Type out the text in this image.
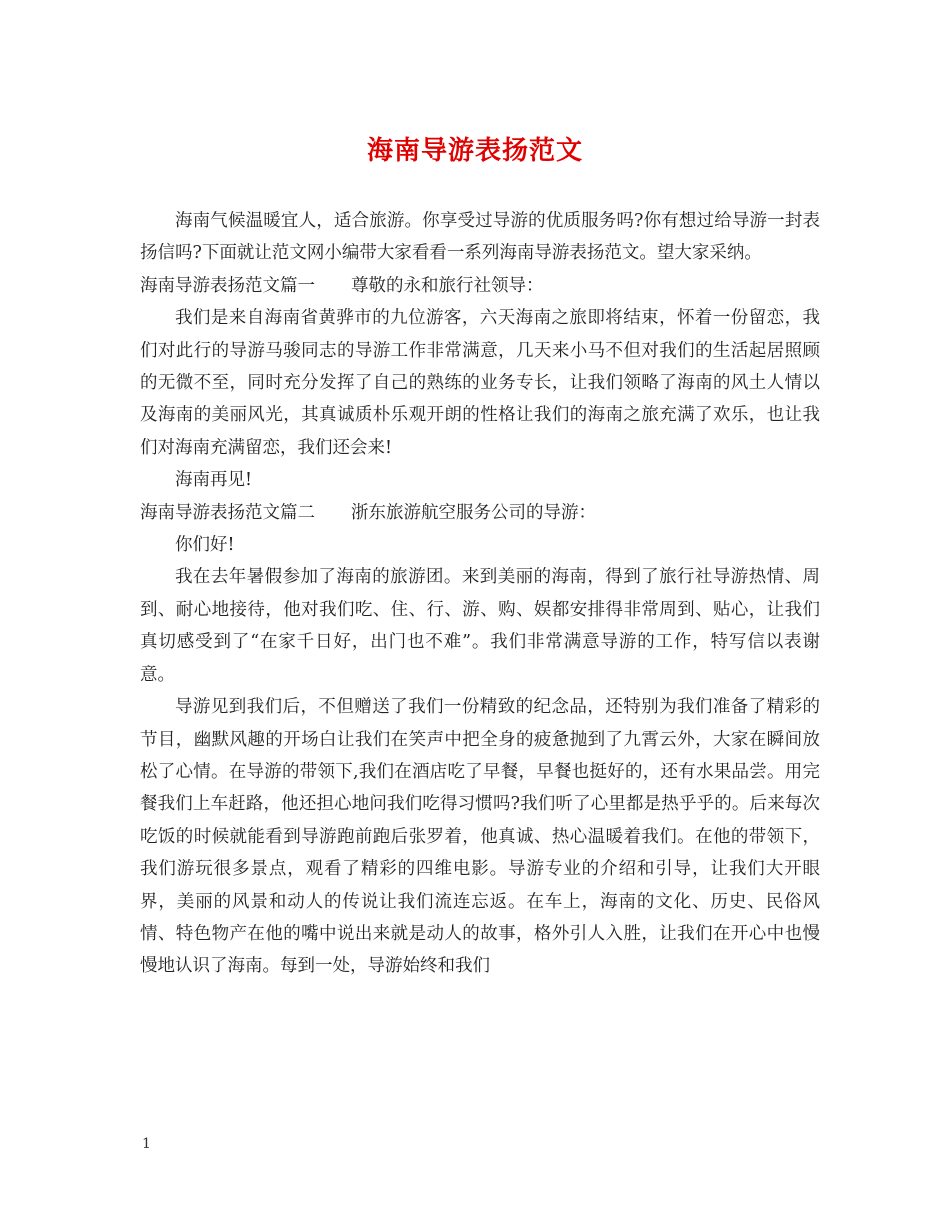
海南导游表扬范文

海南气候温暖宜人，适合旅游。你享受过导游的优质服务吗?你有想过给导游一封表扬信吗?下面就让范文网小编带大家看看一系列海南导游表扬范文。望大家采纳。

海南导游表扬范文篇一 尊敬的永和旅行社领导：

我们是来自海南省黄骅市的九位游客，六天海南之旅即将结束，怀着一份留恋，我们对此行的导游马骏同志的导游工作非常满意，几天来小马不但对我们的生活起居照顾的无微不至，同时充分发挥了自己的熟练的业务专长，让我们领略了海南的风土人情以及海南的美丽风光，其真诚质朴乐观开朗的性格让我们的海南之旅充满了欢乐，也让我们对海南充满留恋，我们还会来!

海南再见!

海南导游表扬范文篇二 浙东旅游航空服务公司的导游：

你们好!

我在去年暑假参加了海南的旅游团。来到美丽的海南，得到了旅行社导游热情、周到、耐心地接待，他对我们吃、住、行、游、购、娱都安排得非常周到、贴心，让我们真切感受到了“在家千日好，出门也不难”。我们非常满意导游的工作，特写信以表谢意。

导游见到我们后，不但赠送了我们一份精致的纪念品，还特别为我们准备了精彩的节目，幽默风趣的开场白让我们在笑声中把全身的疲惫抛到了九霄云外，大家在瞬间放松了心情。在导游的带领下,我们在酒店吃了早餐，早餐也挺好的，还有水果品尝。用完餐我们上车赶路，他还担心地问我们吃得习惯吗?我们听了心里都是热乎乎的。后来每次吃饭的时候就能看到导游跑前跑后张罗着，他真诚、热心温暖着我们。在他的带领下，我们游玩很多景点，观看了精彩的四维电影。导游专业的介绍和引导，让我们大开眼界，美丽的风景和动人的传说让我们流连忘返。在车上，海南的文化、历史、民俗风情、特色物产在他的嘴中说出来就是动人的故事，格外引人入胜，让我们在开心中也慢慢地认识了海南。每到一处，导游始终和我们

1
